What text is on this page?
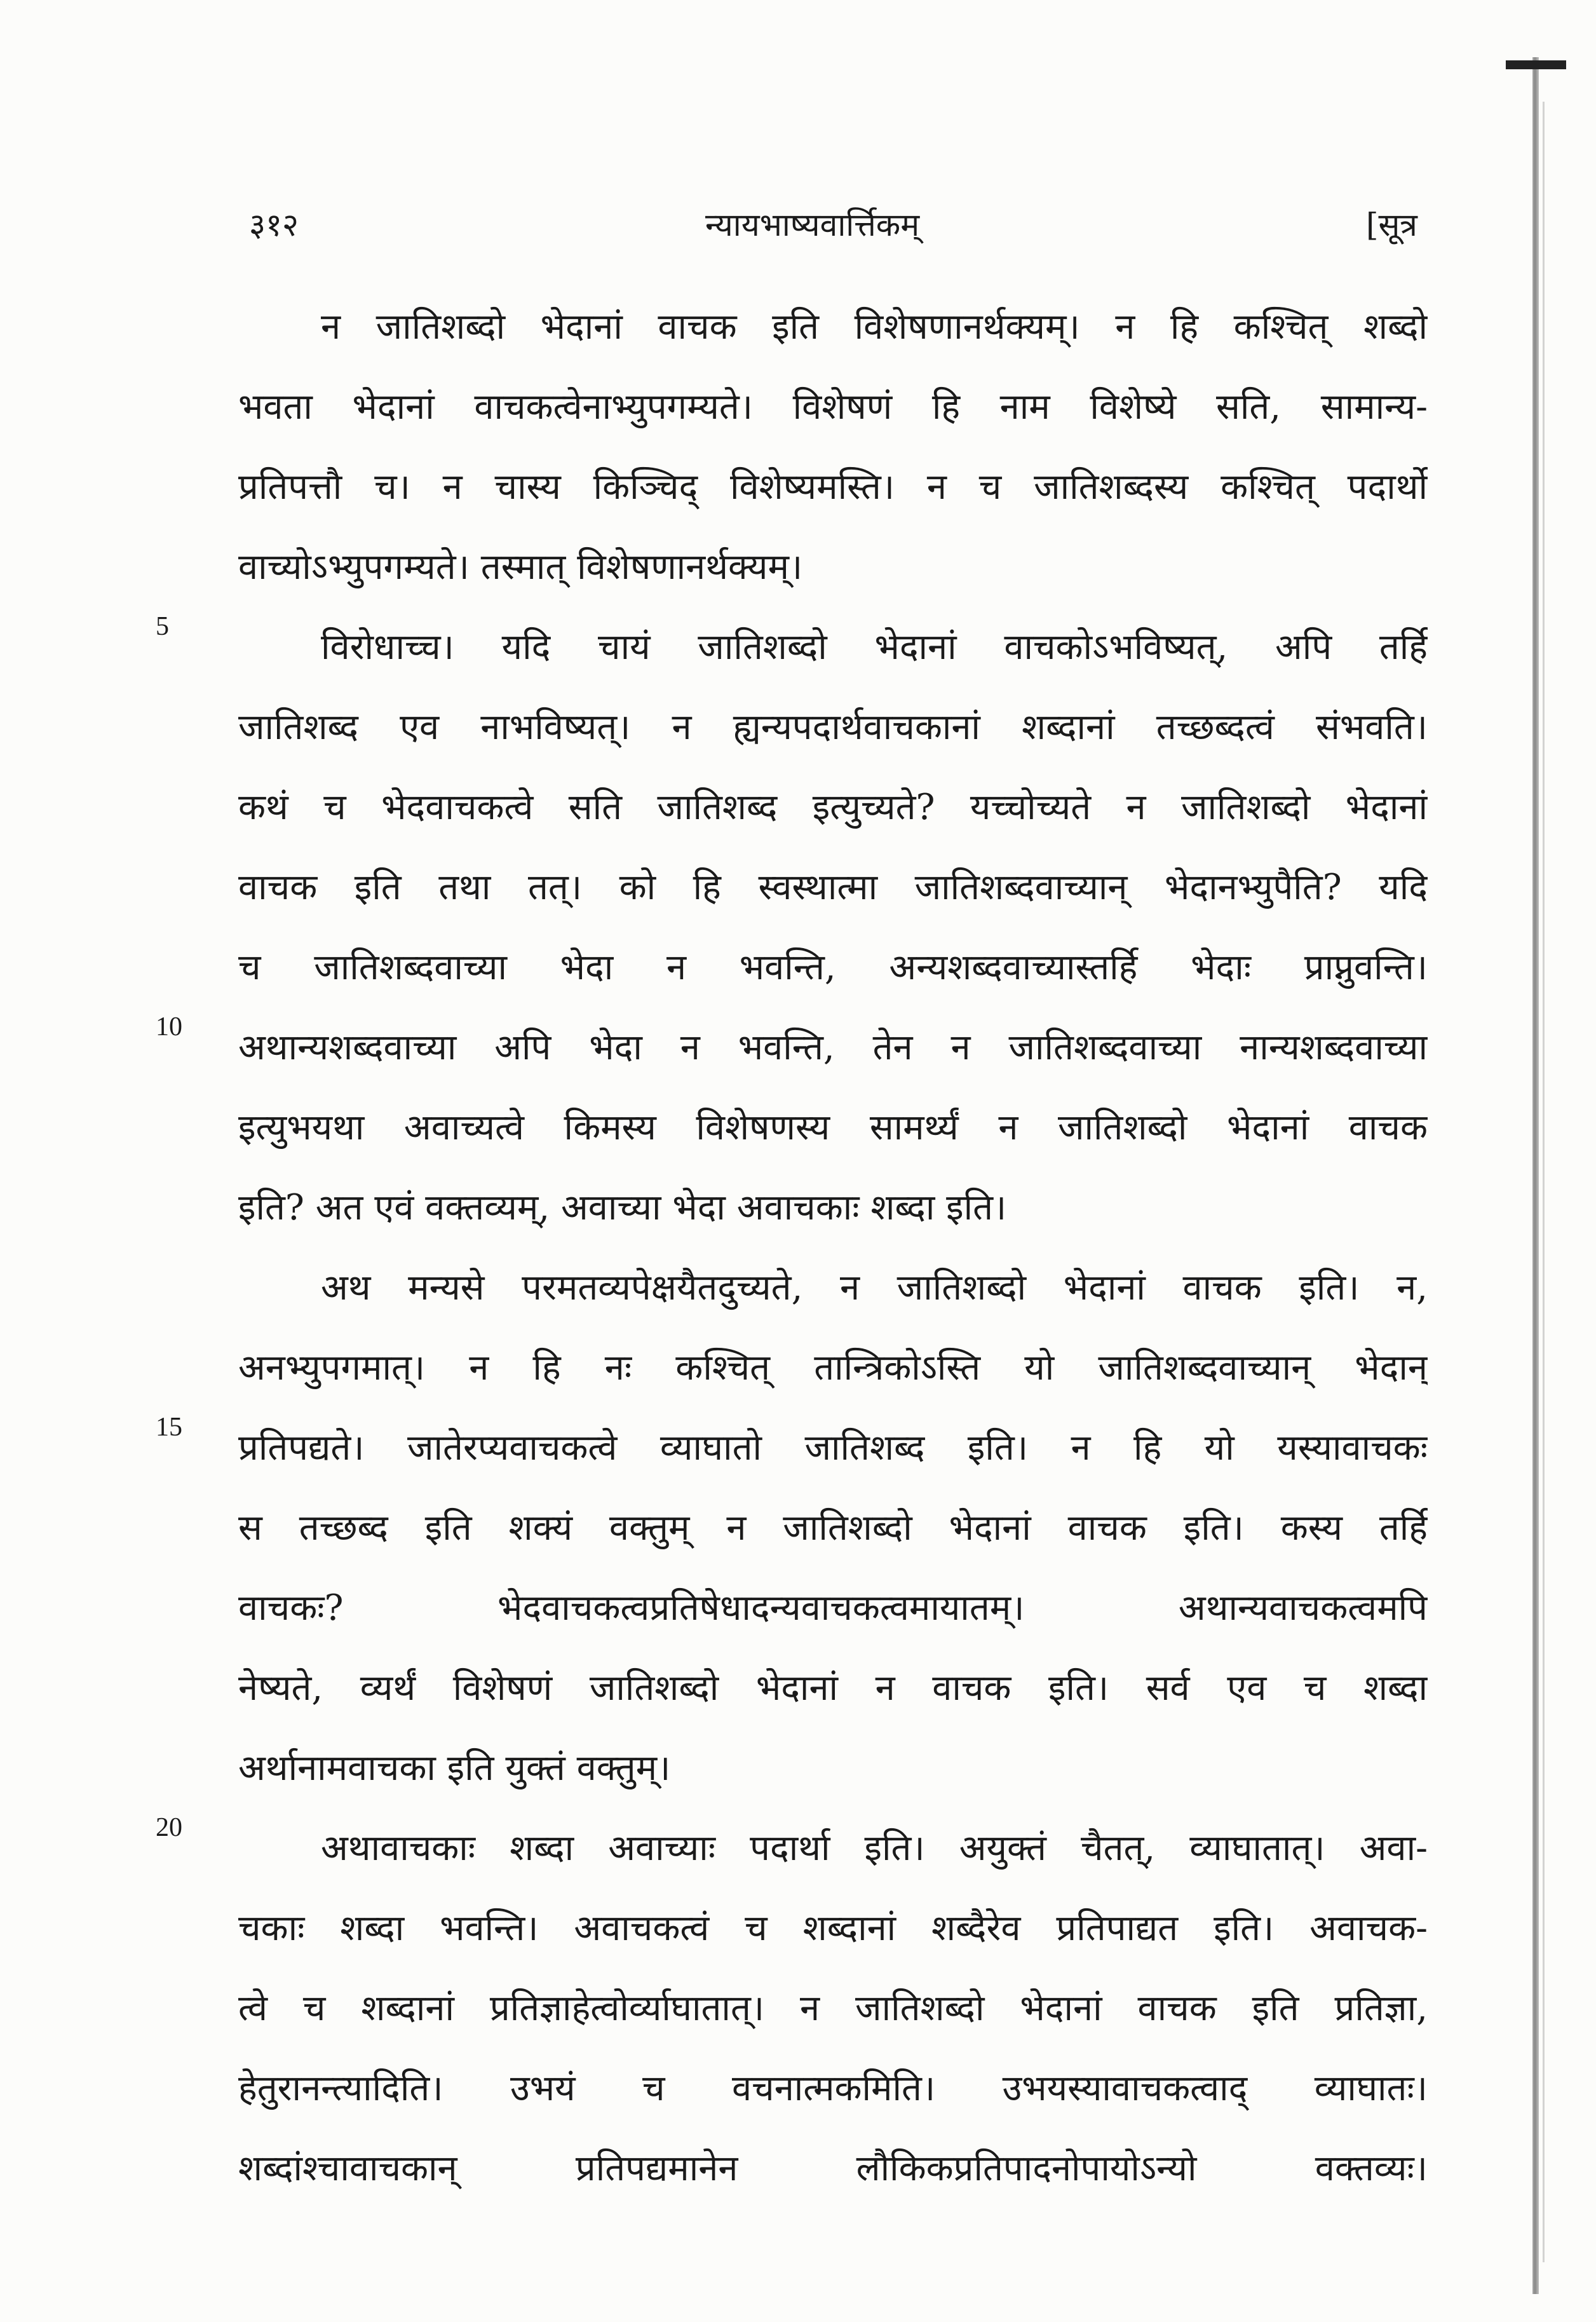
३१२	न्यायभाष्यवार्त्तिकम्	[सूत्र
5
10
15
20
न जातिशब्दो भेदानां वाचक इति विशेषणानर्थक्यम्। न हि कश्चित् शब्दो
भवता भेदानां वाचकत्वेनाभ्युपगम्यते। विशेषणं हि नाम विशेष्ये सति, सामान्य-
प्रतिपत्तौ च। न चास्य किञ्चिद् विशेष्यमस्ति। न च जातिशब्दस्य कश्चित् पदार्थो
वाच्योऽभ्युपगम्यते। तस्मात् विशेषणानर्थक्यम्।
विरोधाच्च। यदि चायं जातिशब्दो भेदानां वाचकोऽभविष्यत्, अपि तर्हि
जातिशब्द एव नाभविष्यत्। न ह्यन्यपदार्थवाचकानां शब्दानां तच्छब्दत्वं संभवति।
कथं च भेदवाचकत्वे सति जातिशब्द इत्युच्यते? यच्चोच्यते न जातिशब्दो भेदानां
वाचक इति तथा तत्। को हि स्वस्थात्मा जातिशब्दवाच्यान् भेदानभ्युपैति? यदि
च जातिशब्दवाच्या भेदा न भवन्ति, अन्यशब्दवाच्यास्तर्हि भेदाः प्राप्नुवन्ति।
अथान्यशब्दवाच्या अपि भेदा न भवन्ति, तेन न जातिशब्दवाच्या नान्यशब्दवाच्या
इत्युभयथा अवाच्यत्वे किमस्य विशेषणस्य सामर्थ्यं न जातिशब्दो भेदानां वाचक
इति? अत एवं वक्तव्यम्, अवाच्या भेदा अवाचकाः शब्दा इति।
अथ मन्यसे परमतव्यपेक्षयैतदुच्यते, न जातिशब्दो भेदानां वाचक इति। न,
अनभ्युपगमात्। न हि नः कश्चित् तान्त्रिकोऽस्ति यो जातिशब्दवाच्यान् भेदान्
प्रतिपद्यते। जातेरप्यवाचकत्वे व्याघातो जातिशब्द इति। न हि यो यस्यावाचकः
स तच्छब्द इति शक्यं वक्तुम् न जातिशब्दो भेदानां वाचक इति। कस्य तर्हि
वाचकः? भेदवाचकत्वप्रतिषेधादन्यवाचकत्वमायातम्। अथान्यवाचकत्वमपि
नेष्यते, व्यर्थं विशेषणं जातिशब्दो भेदानां न वाचक इति। सर्व एव च शब्दा
अर्थानामवाचका इति युक्तं वक्तुम्।
अथावाचकाः शब्दा अवाच्याः पदार्था इति। अयुक्तं चैतत्, व्याघातात्। अवा-
चकाः शब्दा भवन्ति। अवाचकत्वं च शब्दानां शब्दैरेव प्रतिपाद्यत इति। अवाचक-
त्वे च शब्दानां प्रतिज्ञाहेत्वोर्व्याघातात्। न जातिशब्दो भेदानां वाचक इति प्रतिज्ञा,
हेतुरानन्त्यादिति। उभयं च वचनात्मकमिति। उभयस्यावाचकत्वाद् व्याघातः।
शब्दांश्चावाचकान् प्रतिपद्यमानेन लौकिकप्रतिपादनोपायोऽन्यो वक्तव्यः।
